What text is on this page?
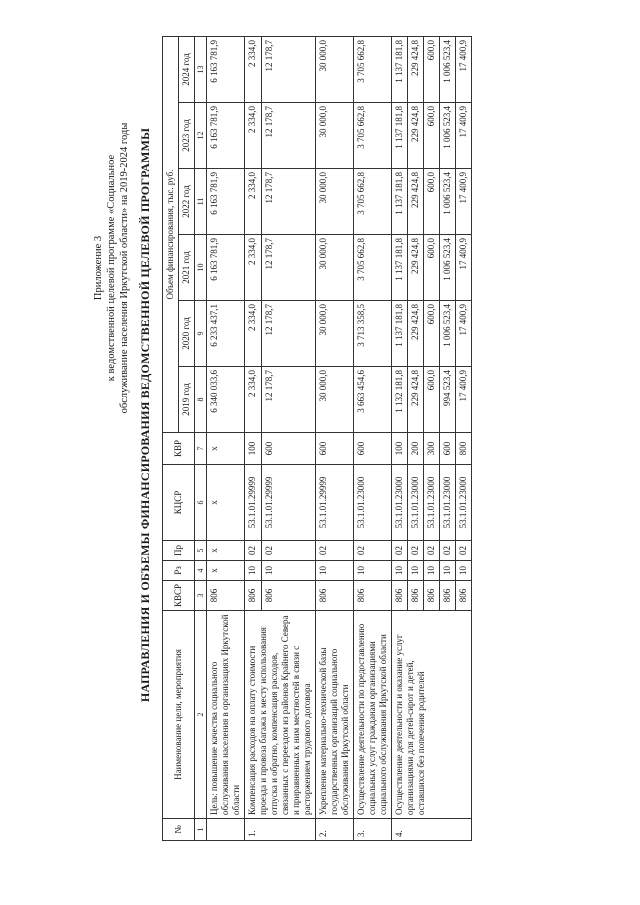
Приложение 3 к ведомственной целевой программе «Социальное обслуживание населения Иркутской области» на 2019-2024 годы НАПРАВЛЕНИЯ И ОБЪЕМЫ ФИНАНСИРОВАНИЯ ВЕДОМСТВЕННОЙ ЦЕЛЕВОЙ ПРОГРАММЫ
№	Наименование цели, мероприятия	КВСР	Рз	Пр	КЦСР	КВР	Объем финансирования, тыс. руб.					
							2019 год	2020 год	2021 год	2022 год	2023 год	2024 год
1	2	3	4	5	6	7	8	9	10	11	12	13
	Цель: повышение качества социального обслуживания населения в организациях Иркутской области	806	х	х	х	х	6 340 033,6	6 233 437,1	6 163 781,9	6 163 781,9	6 163 781,9	6 163 781,9
1.	Компенсация расходов на оплату стоимости проезда и провоза багажа к месту использования отпуска и обратно, компенсация расходов, связанных с переездом из районов Крайнего Севера и приравненных к ним местностей в связи с расторжением трудового договора	806	10	02	53.1.01.29999	100	2 334,0	2 334,0	2 334,0	2 334,0	2 334,0	2 334,0
		806	10	02	53.1.01.29999	600	12 178,7	12 178,7	12 178,7	12 178,7	12 178,7	12 178,7
2.	Укрепление материально-технической базы государственных организаций социального обслуживания Иркутской области	806	10	02	53.1.01.29999	600	30 000,0	30 000,0	30 000,0	30 000,0	30 000,0	30 000,0
3.	Осуществление деятельности по предоставлению социальных услуг гражданам организациями социального обслуживания Иркутской области	806	10	02	53.1.01.23000	600	3 663 454,6	3 713 358,5	3 705 662,8	3 705 662,8	3 705 662,8	3 705 662,8
4.	Осуществление деятельности и оказание услуг организациями для детей-сирот и детей, оставшихся без попечения родителей	806	10	02	53.1.01.23000	100	1 132 181,8	1 137 181,8	1 137 181,8	1 137 181,8	1 137 181,8	1 137 181,8
		806	10	02	53.1.01.23000	200	229 424,8	229 424,8	229 424,8	229 424,8	229 424,8	229 424,8
		806	10	02	53.1.01.23000	300	600,0	600,0	600,0	600,0	600,0	600,0
		806	10	02	53.1.01.23000	600	994 523,4	1 006 523,4	1 006 523,4	1 006 523,4	1 006 523,4	1 006 523,4
		806	10	02	53.1.01.23000	800	17 400,9	17 400,9	17 400,9	17 400,9	17 400,9	17 400,9
